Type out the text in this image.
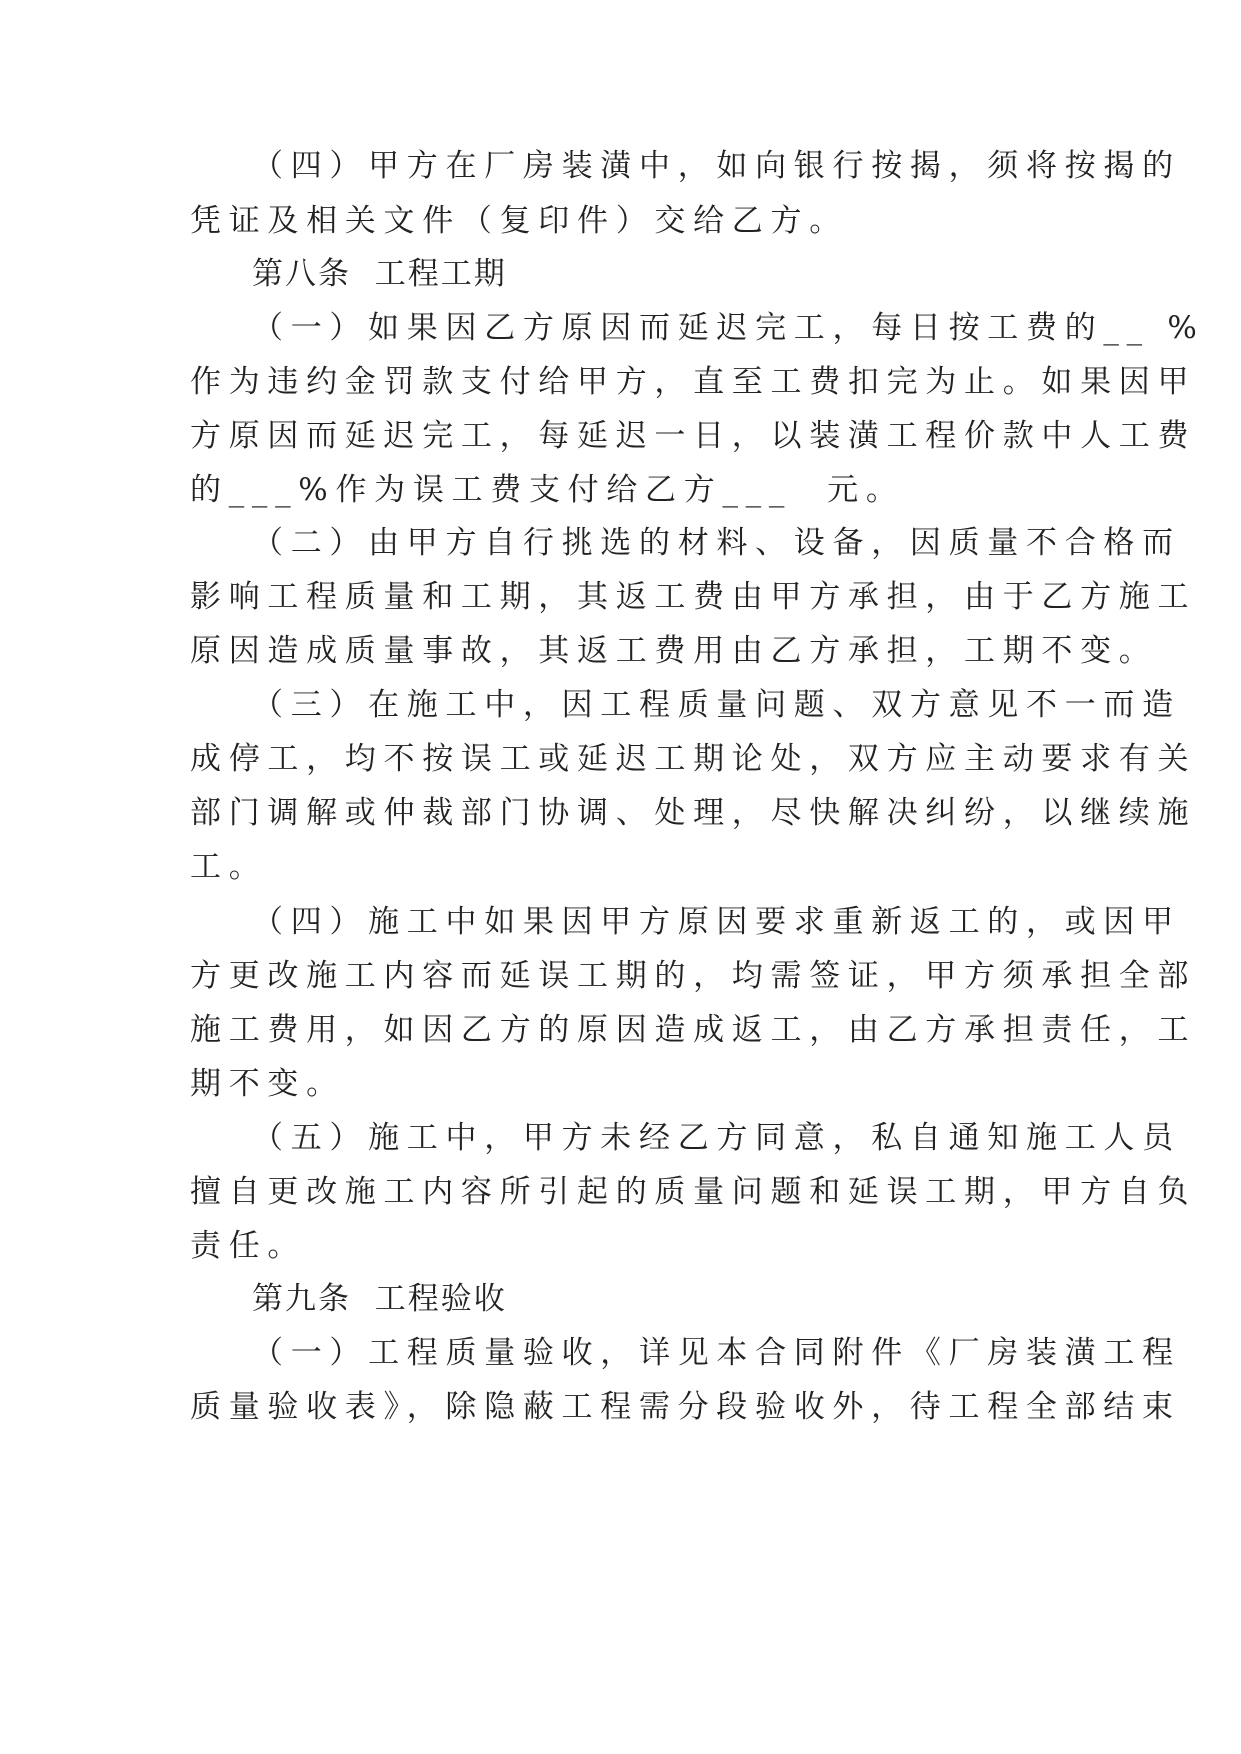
（四）甲方在厂房装潢中，如向银行按揭，须将按揭的
凭证及相关文件（复印件）交给乙方。
第八条  工程工期
（一）如果因乙方原因而延迟完工，每日按工费的__ %
作为违约金罚款支付给甲方，直至工费扣完为止。如果因甲
方原因而延迟完工，每延迟一日，以装潢工程价款中人工费
的___%作为误工费支付给乙方___  元。
（二）由甲方自行挑选的材料、设备，因质量不合格而
影响工程质量和工期，其返工费由甲方承担，由于乙方施工
原因造成质量事故，其返工费用由乙方承担，工期不变。
（三）在施工中，因工程质量问题、双方意见不一而造
成停工，均不按误工或延迟工期论处，双方应主动要求有关
部门调解或仲裁部门协调、处理，尽快解决纠纷，以继续施
工。
（四）施工中如果因甲方原因要求重新返工的，或因甲
方更改施工内容而延误工期的，均需签证，甲方须承担全部
施工费用，如因乙方的原因造成返工，由乙方承担责任，工
期不变。
（五）施工中，甲方未经乙方同意，私自通知施工人员
擅自更改施工内容所引起的质量问题和延误工期，甲方自负
责任。
第九条  工程验收
（一）工程质量验收，详见本合同附件《厂房装潢工程
质量验收表》，除隐蔽工程需分段验收外，待工程全部结束
